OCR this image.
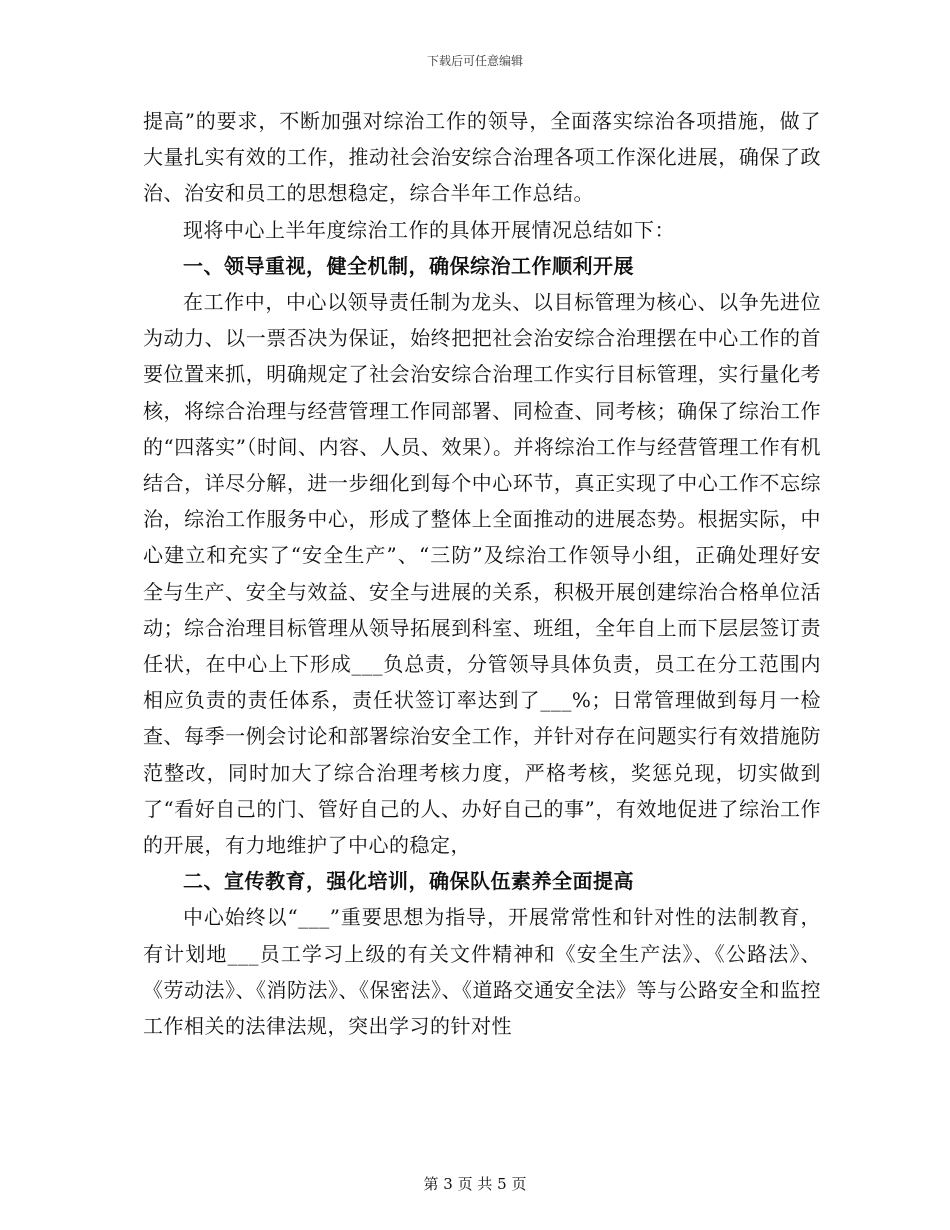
下载后可任意编辑

提高”的要求，不断加强对综治工作的领导，全面落实综治各项措施，做了大量扎实有效的工作，推动社会治安综合治理各项工作深化进展，确保了政治、治安和员工的思想稳定，综合半年工作总结。

现将中心上半年度综治工作的具体开展情况总结如下：

一、领导重视，健全机制，确保综治工作顺利开展

在工作中，中心以领导责任制为龙头、以目标管理为核心、以争先进位为动力、以一票否决为保证，始终把把社会治安综合治理摆在中心工作的首要位置来抓，明确规定了社会治安综合治理工作实行目标管理，实行量化考核，将综合治理与经营管理工作同部署、同检查、同考核；确保了综治工作的“四落实”（时间、内容、人员、效果）。并将综治工作与经营管理工作有机结合，详尽分解，进一步细化到每个中心环节，真正实现了中心工作不忘综治，综治工作服务中心，形成了整体上全面推动的进展态势。根据实际，中心建立和充实了“安全生产”、“三防”及综治工作领导小组，正确处理好安全与生产、安全与效益、安全与进展的关系，积极开展创建综治合格单位活动；综合治理目标管理从领导拓展到科室、班组，全年自上而下层层签订责任状，在中心上下形成___负总责，分管领导具体负责，员工在分工范围内相应负责的责任体系，责任状签订率达到了___%；日常管理做到每月一检查、每季一例会讨论和部署综治安全工作，并针对存在问题实行有效措施防范整改，同时加大了综合治理考核力度，严格考核，奖惩兑现，切实做到了“看好自己的门、管好自己的人、办好自己的事”，有效地促进了综治工作的开展，有力地维护了中心的稳定，

二、宣传教育，强化培训，确保队伍素养全面提高

中心始终以“___”重要思想为指导，开展常常性和针对性的法制教育，有计划地___员工学习上级的有关文件精神和《安全生产法》、《公路法》、《劳动法》、《消防法》、《保密法》、《道路交通安全法》等与公路安全和监控工作相关的法律法规，突出学习的针对性

第 3 页 共 5 页
